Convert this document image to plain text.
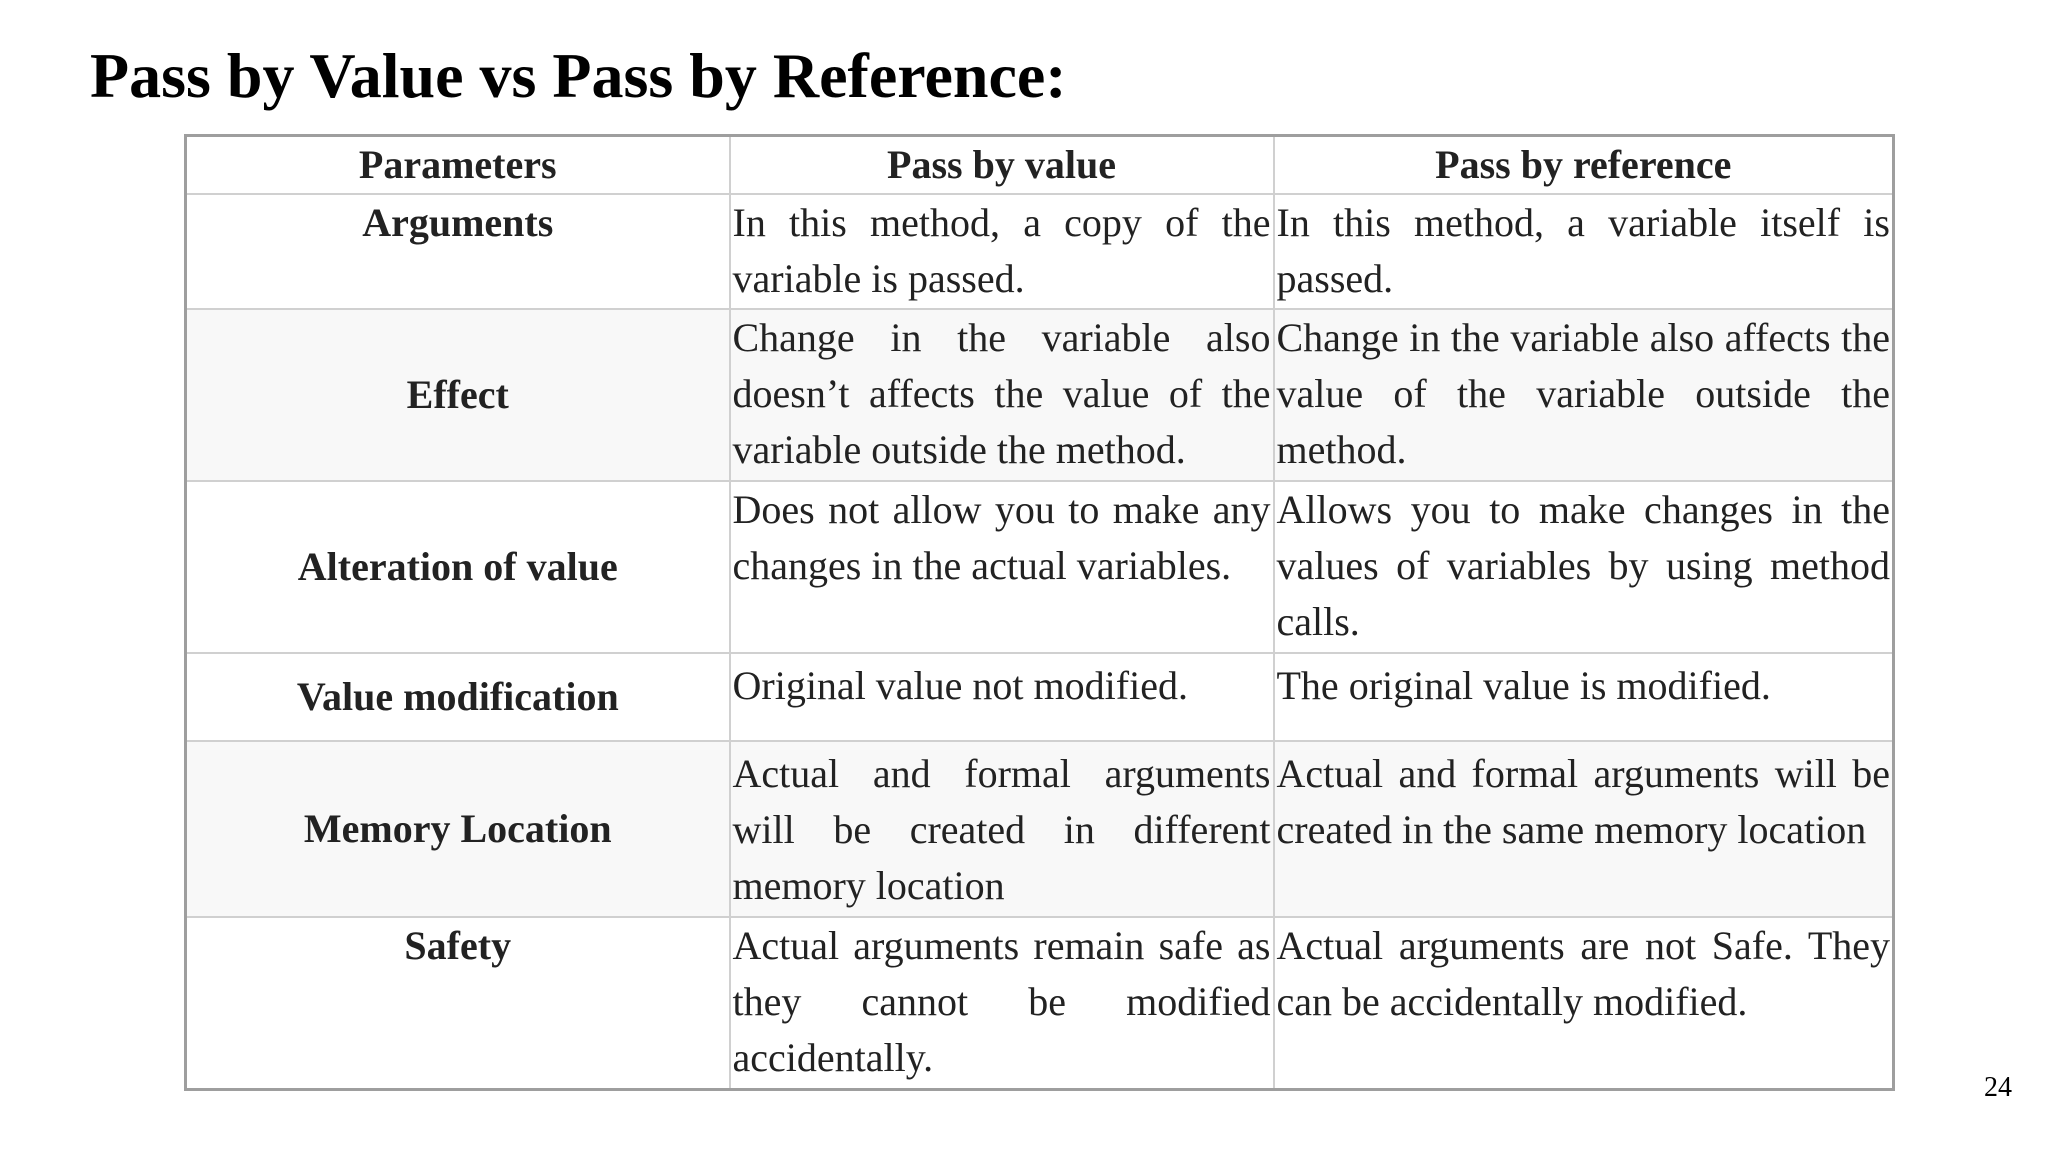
Pass by Value vs Pass by Reference:
Parameters	Pass by value	Pass by reference
Arguments	In this method, a copy of the variable is passed.	In this method, a variable itself is passed.
Effect	Change in the variable also doesn’t affects the value of the variable outside the method.	Change in the variable also affects the value of the variable outside the method.
Alteration of value	Does not allow you to make any changes in the actual variables.	Allows you to make changes in the values of variables by using method calls.
Value modification	Original value not modified.	The original value is modified.
Memory Location	Actual and formal arguments will be created in different memory location	Actual and formal arguments will be created in the same memory location
Safety	Actual arguments remain safe as they cannot be modified accidentally.	Actual arguments are not Safe. They can be accidentally modified.
24
